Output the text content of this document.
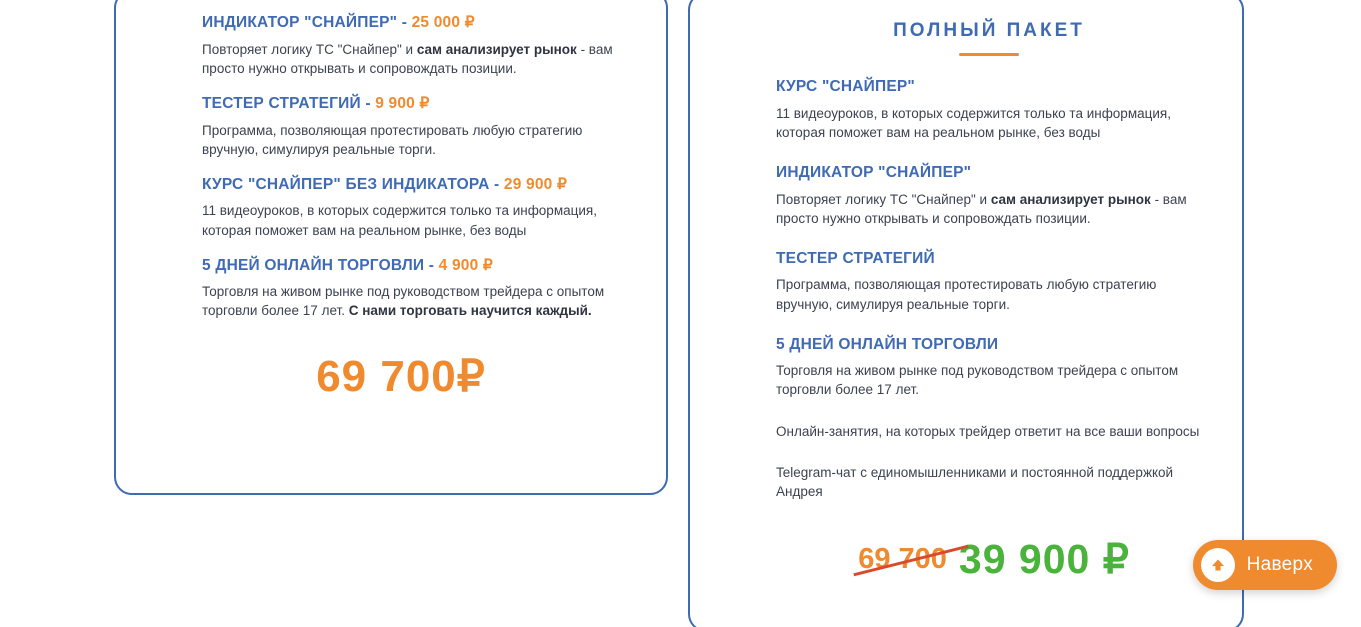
ИНДИКАТОР "СНАЙПЕР" - 25 000 ₽

Повторяет логику ТС "Снайпер" и сам анализирует рынок - вам просто нужно открывать и сопровождать позиции.

ТЕСТЕР СТРАТЕГИЙ - 9 900 ₽

Программа, позволяющая протестировать любую стратегию вручную, симулируя реальные торги.

КУРС "СНАЙПЕР" БЕЗ ИНДИКАТОРА - 29 900 ₽

11 видеоуроков, в которых содержится только та информация, которая поможет вам на реальном рынке, без воды

5 ДНЕЙ ОНЛАЙН ТОРГОВЛИ - 4 900 ₽

Торговля на живом рынке под руководством трейдера с опытом торговли более 17 лет. С нами торговать научится каждый.

69 700₽
ПОЛНЫЙ ПАКЕТ

КУРС "СНАЙПЕР"

11 видеоуроков, в которых содержится только та информация, которая поможет вам на реальном рынке, без воды

ИНДИКАТОР "СНАЙПЕР"

Повторяет логику ТС "Снайпер" и сам анализирует рынок - вам просто нужно открывать и сопровождать позиции.

ТЕСТЕР СТРАТЕГИЙ

Программа, позволяющая протестировать любую стратегию вручную, симулируя реальные торги.

5 ДНЕЙ ОНЛАЙН ТОРГОВЛИ

Торговля на живом рынке под руководством трейдера с опытом торговли более 17 лет.

Онлайн-занятия, на которых трейдер ответит на все ваши вопросы

Telegram-чат с единомышленниками и постоянной поддержкой Андрея

69 700 39 900 ₽	Наверх
